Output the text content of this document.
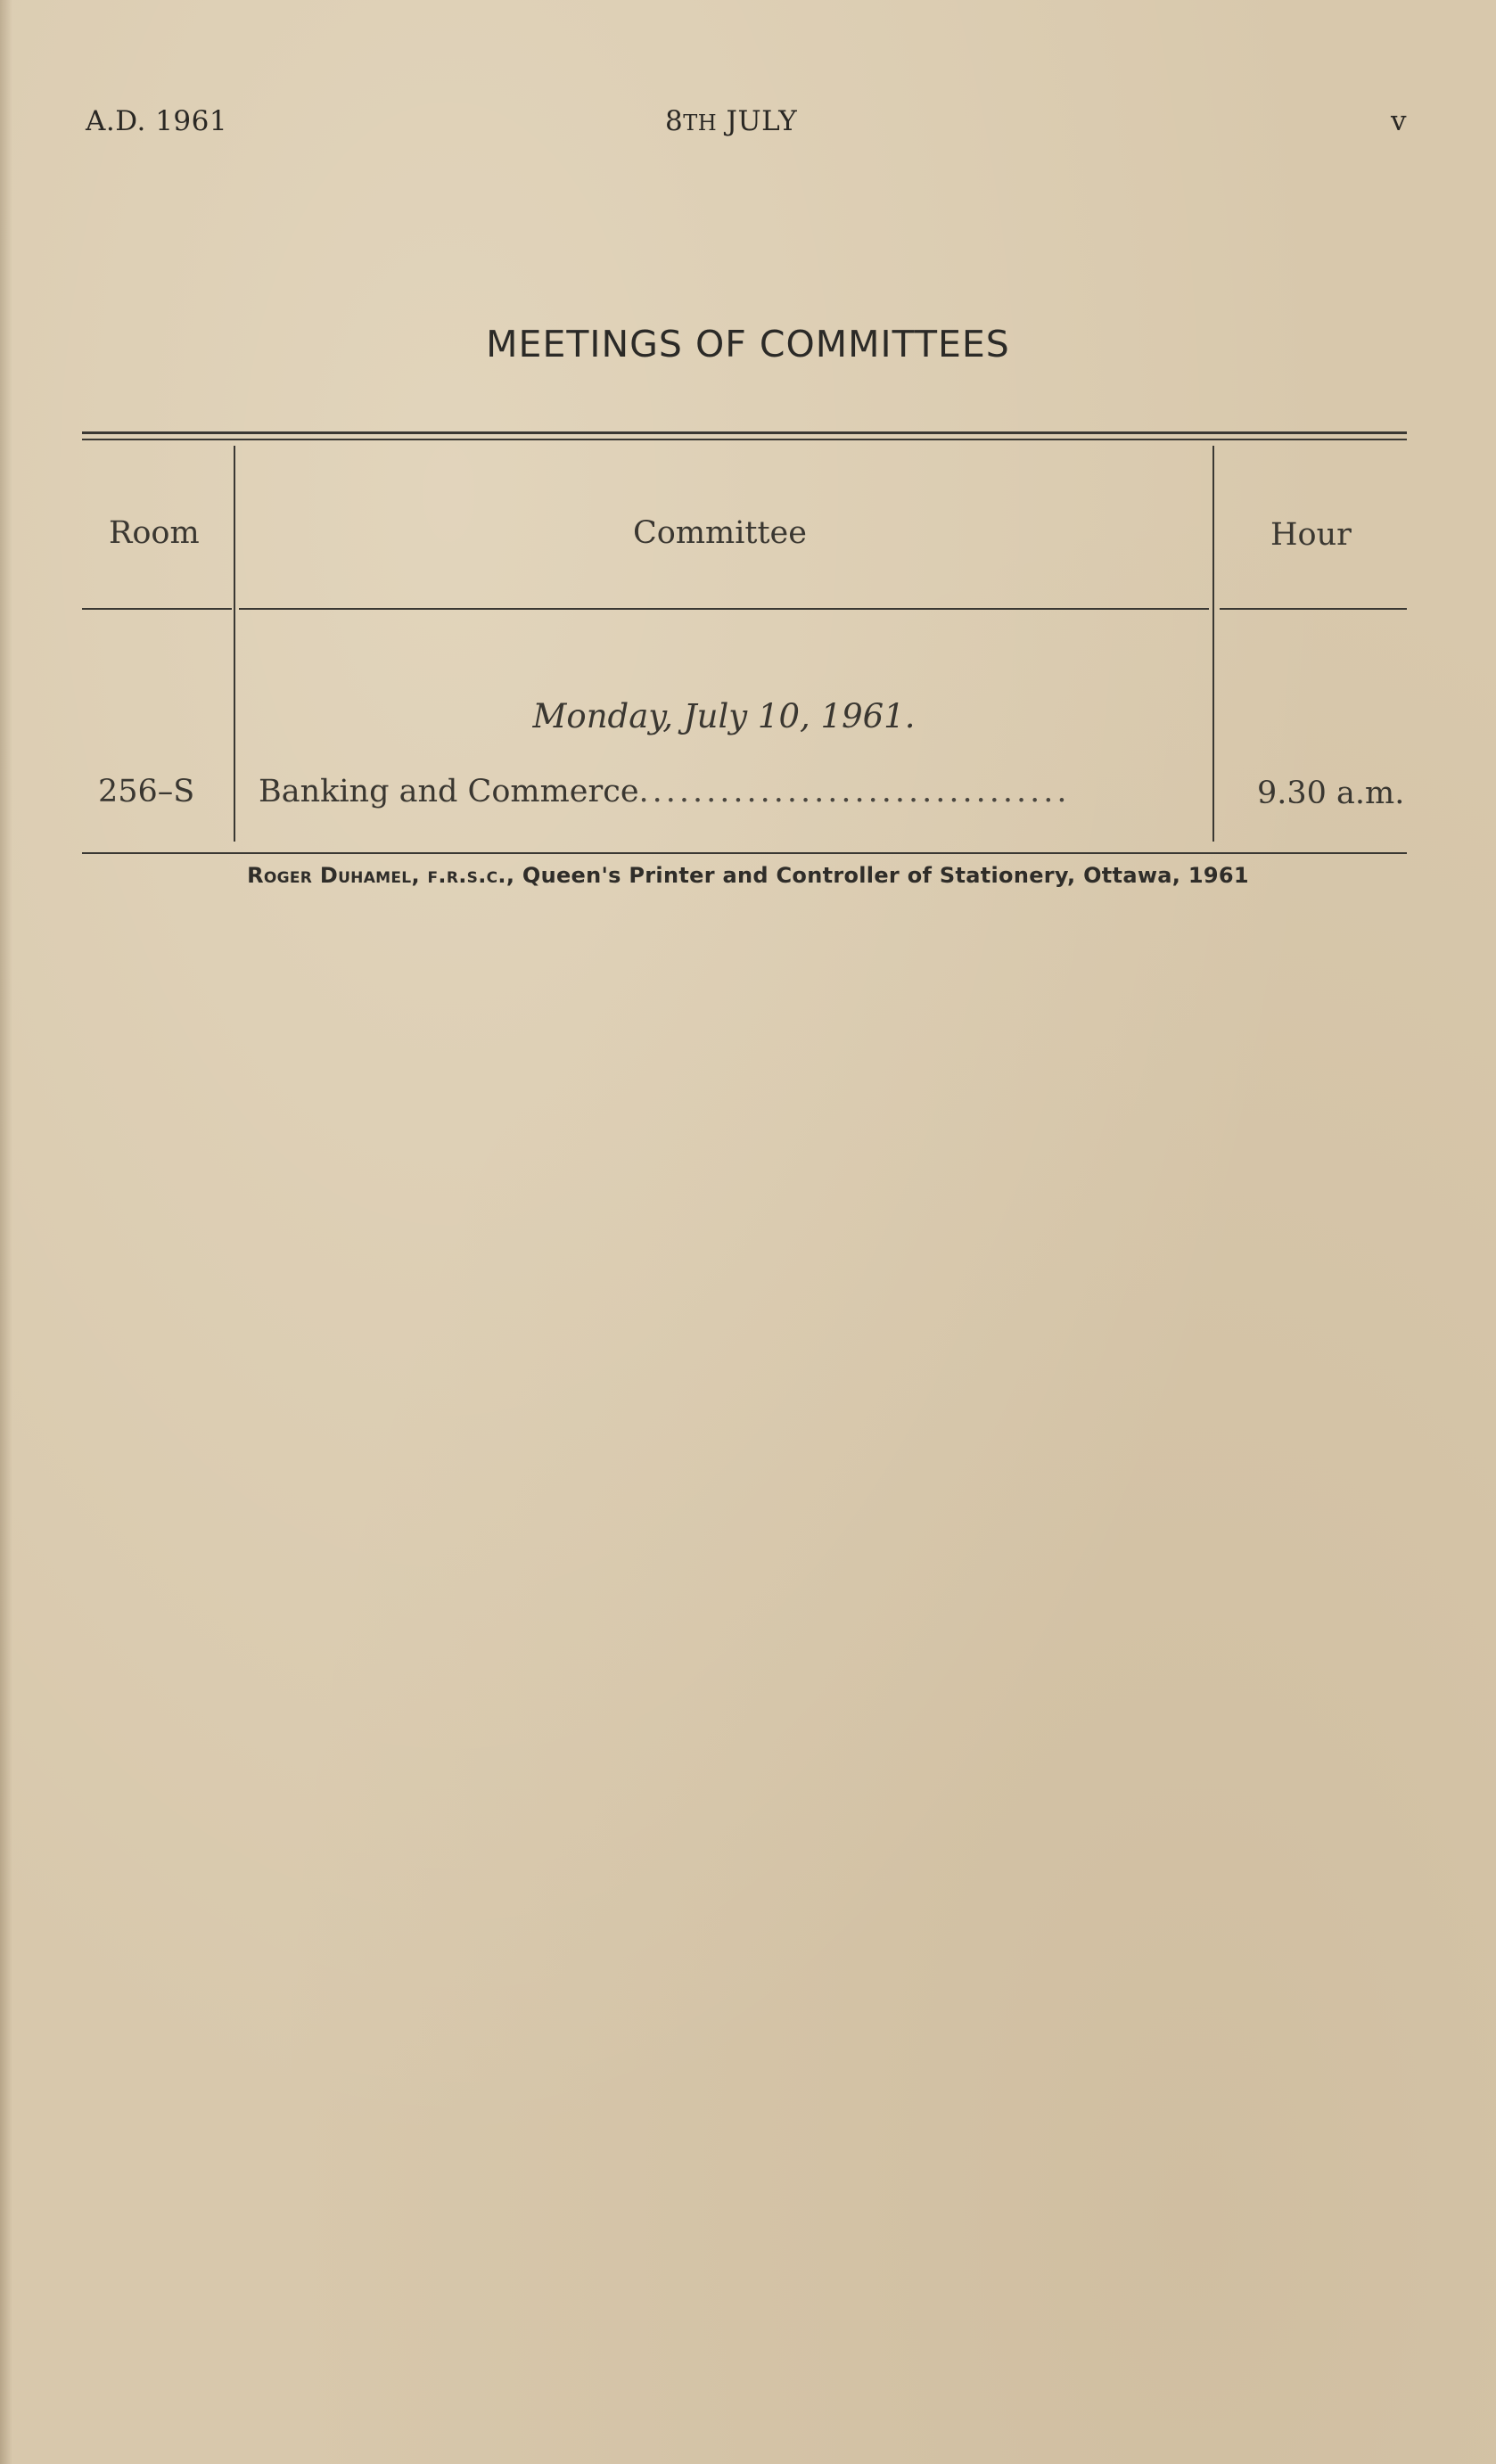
A.D. 1961	8TH JULY	v
MEETINGS OF COMMITTEES
Room	Committee	Hour
Monday, July 10, 1961.
256–S Banking and Commerce................................	9.30 a.m.
Roger Duhamel, f.r.s.c., Queen's Printer and Controller of Stationery, Ottawa, 1961
